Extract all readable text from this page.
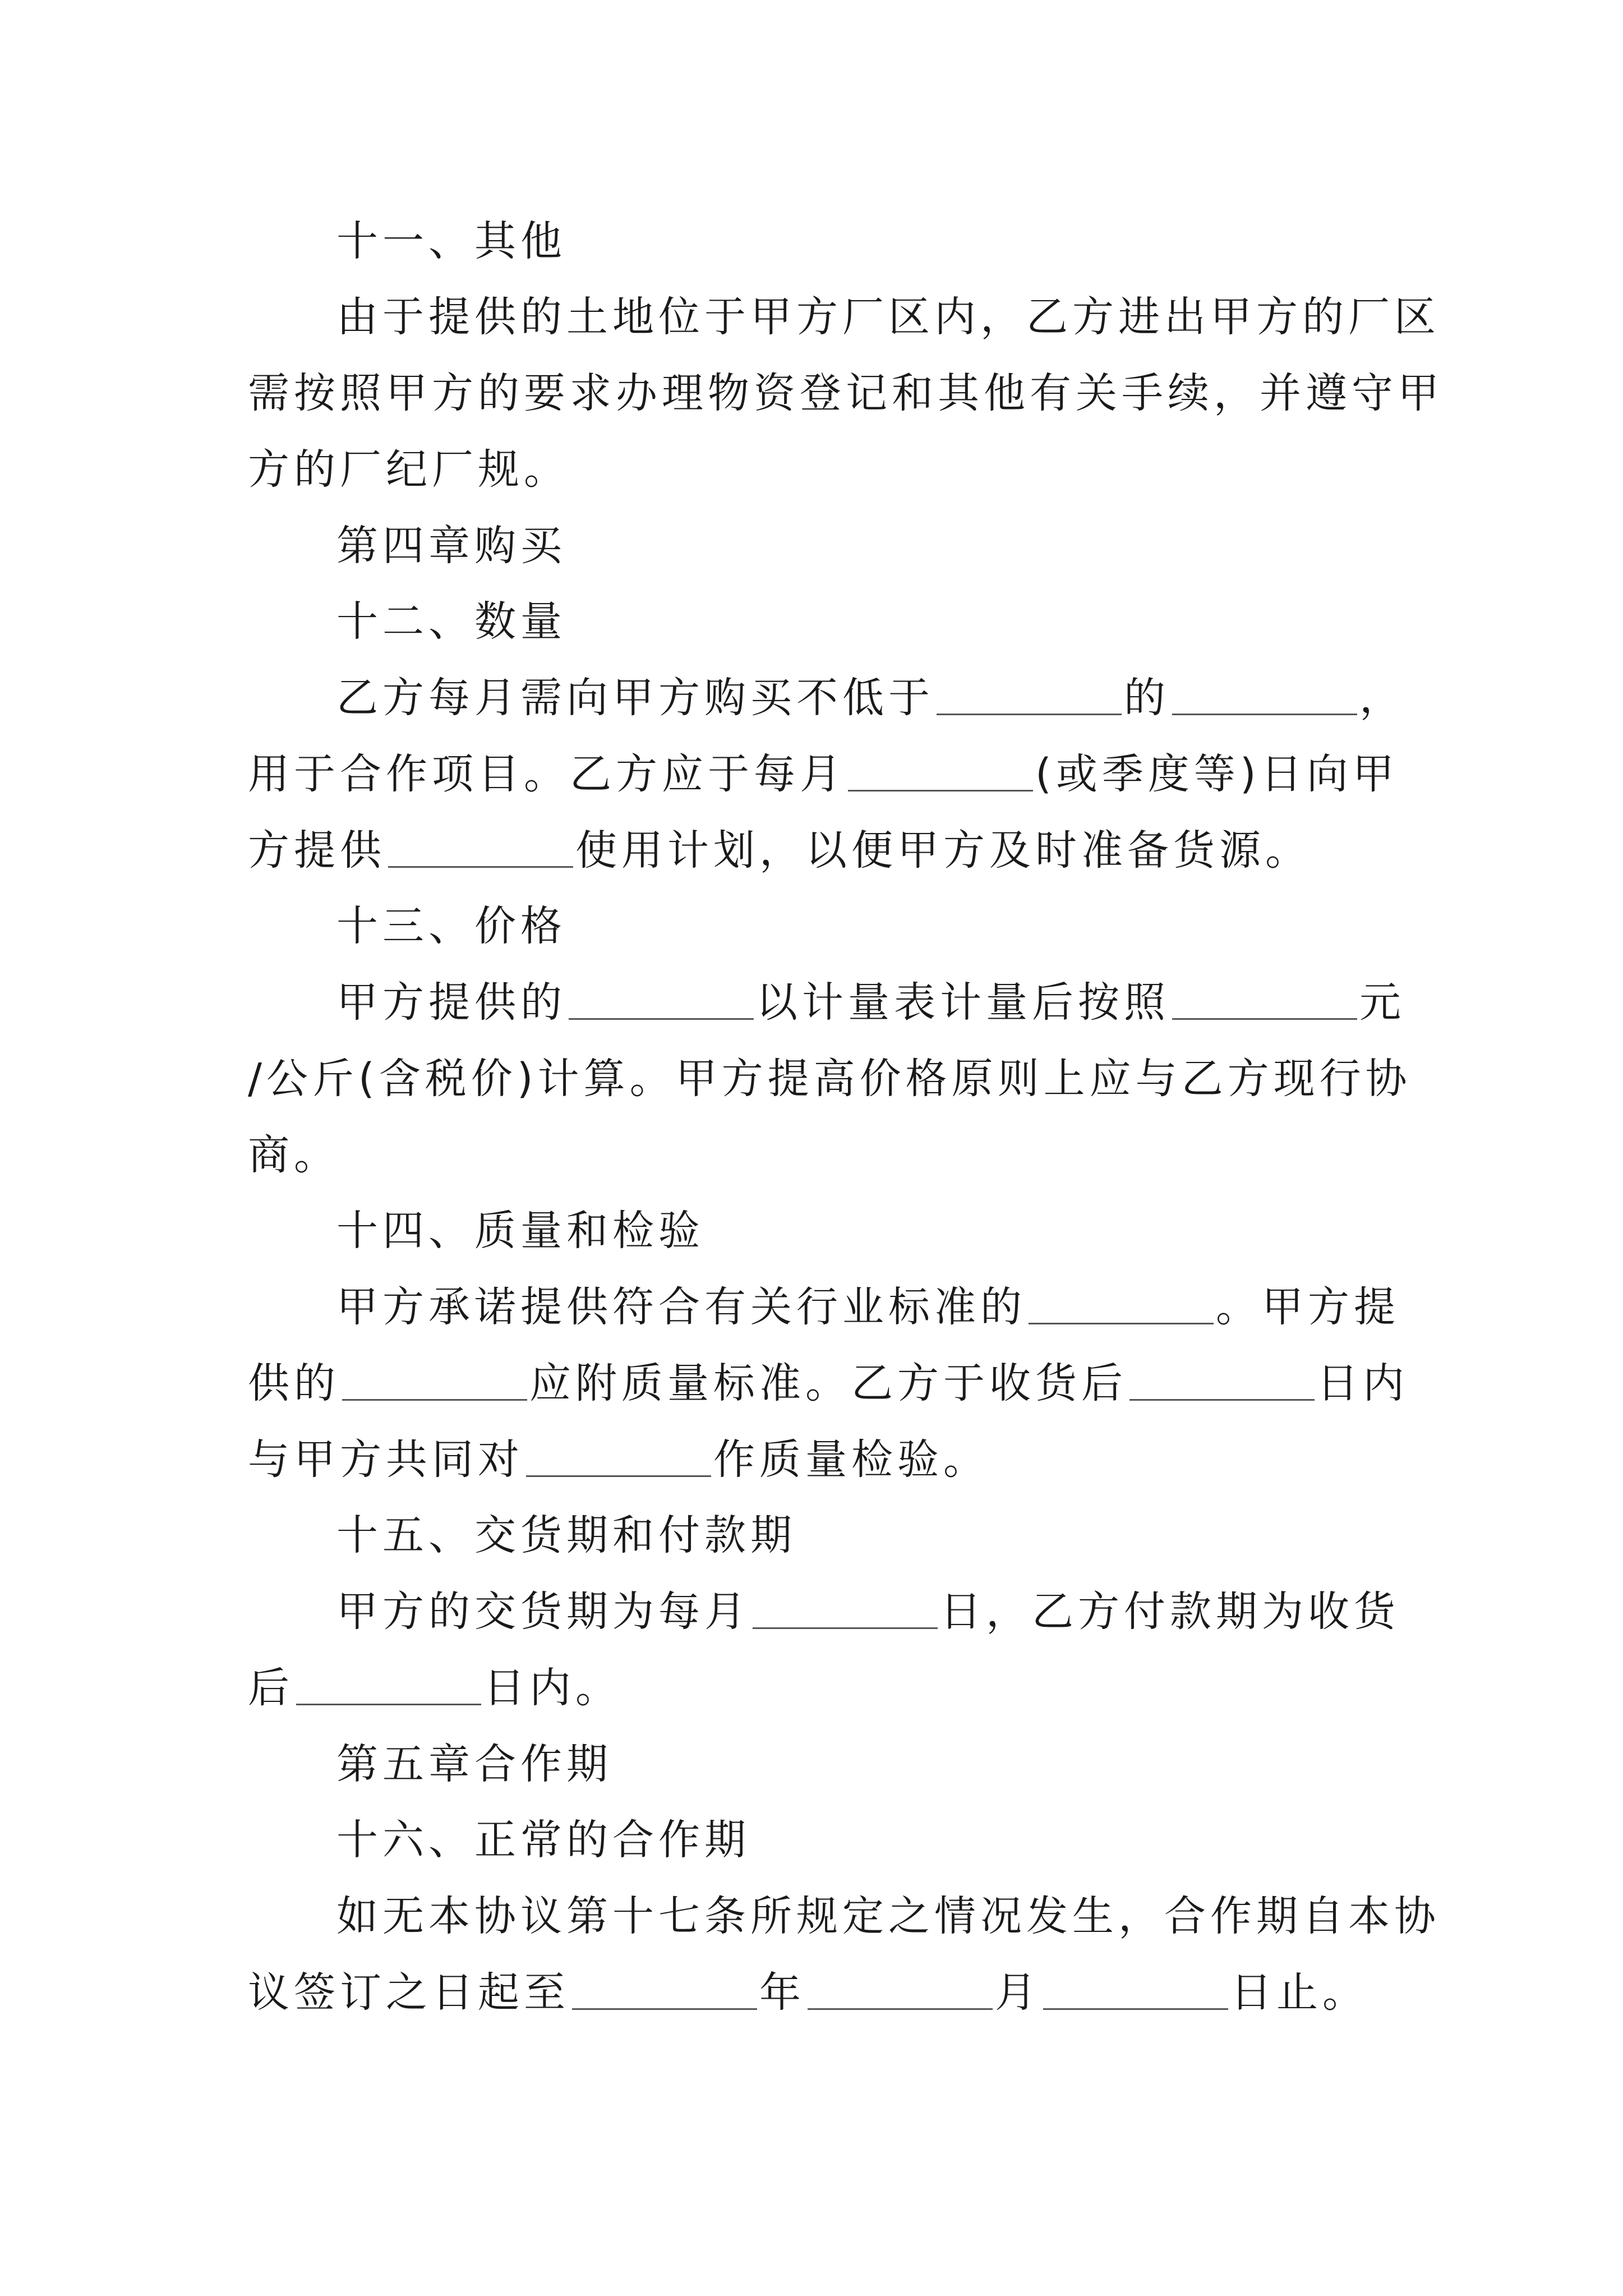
十一、其他
由于提供的土地位于甲方厂区内，乙方进出甲方的厂区
需按照甲方的要求办理物资登记和其他有关手续，并遵守甲
方的厂纪厂规。
第四章购买
十二、数量
乙方每月需向甲方购买不低于	的	，
用于合作项目。乙方应于每月	(或季度等)日向甲
方提供	使用计划，以便甲方及时准备货源。
十三、价格
甲方提供的	以计量表计量后按照	元
/公斤(含税价)计算。甲方提高价格原则上应与乙方现行协
商。
十四、质量和检验
甲方承诺提供符合有关行业标准的	。甲方提
供的	应附质量标准。乙方于收货后	日内
与甲方共同对	作质量检验。
十五、交货期和付款期
甲方的交货期为每月	日，乙方付款期为收货
后	日内。
第五章合作期
十六、正常的合作期
如无本协议第十七条所规定之情况发生，合作期自本协
议签订之日起至	年	月	日止。
